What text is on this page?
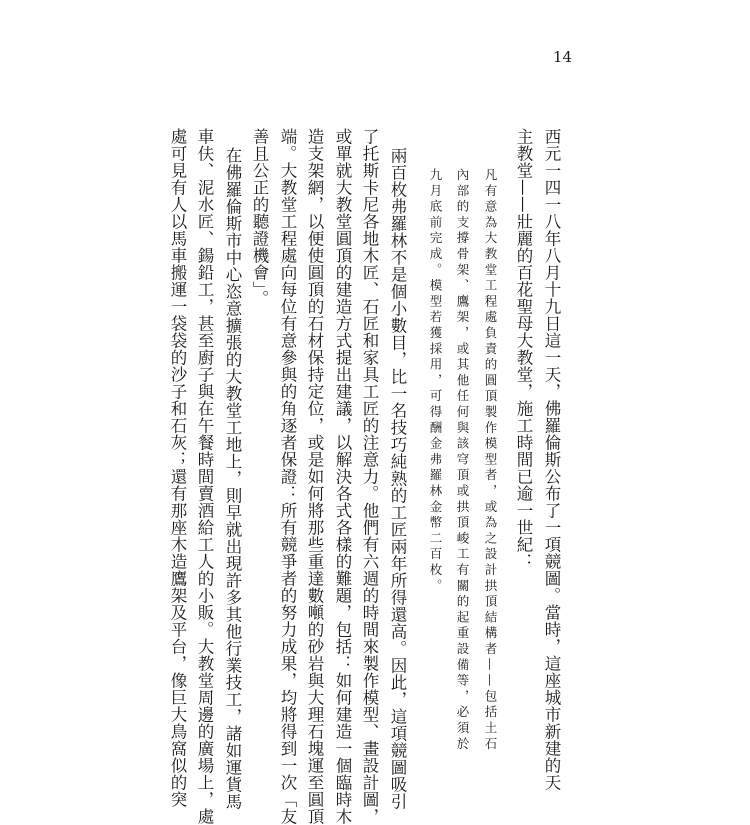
14
西元一四一八年八月十九日這一天，佛羅倫斯公布了一項競圖。當時，這座城市新建的天
主教堂——壯麗的百花聖母大教堂，施工時間已逾一世紀：
凡有意為大教堂工程處負責的圓頂製作模型者，或為之設計拱頂結構者——包括土石
內部的支撐骨架、鷹架，或其他任何與該穹頂或拱頂峻工有關的起重設備等，必須於
九月底前完成。模型若獲採用，可得酬金弗羅林金幣二百枚。
兩百枚弗羅林不是個小數目，比一名技巧純熟的工匠兩年所得還高。因此，這項競圖吸引
了托斯卡尼各地木匠、石匠和家具工匠的注意力。他們有六週的時間來製作模型、畫設計圖，
或單就大教堂圓頂的建造方式提出建議，以解決各式各樣的難題，包括：如何建造一個臨時木
造支架網，以便使圓頂的石材保持定位，或是如何將那些重達數噸的砂岩與大理石塊運至圓頂
端。大教堂工程處向每位有意參與的角逐者保證：所有競爭者的努力成果，均將得到一次「友
善且公正的聽證機會」。
在佛羅倫斯市中心恣意擴張的大教堂工地上，則早就出現許多其他行業技工，諸如運貨馬
車伕、泥水匠、鍚鉛工，甚至廚子與在午餐時間賣酒給工人的小販。大教堂周邊的廣場上，處
處可見有人以馬車搬運一袋袋的沙子和石灰；還有那座木造鷹架及平台，像巨大鳥窩似的突
